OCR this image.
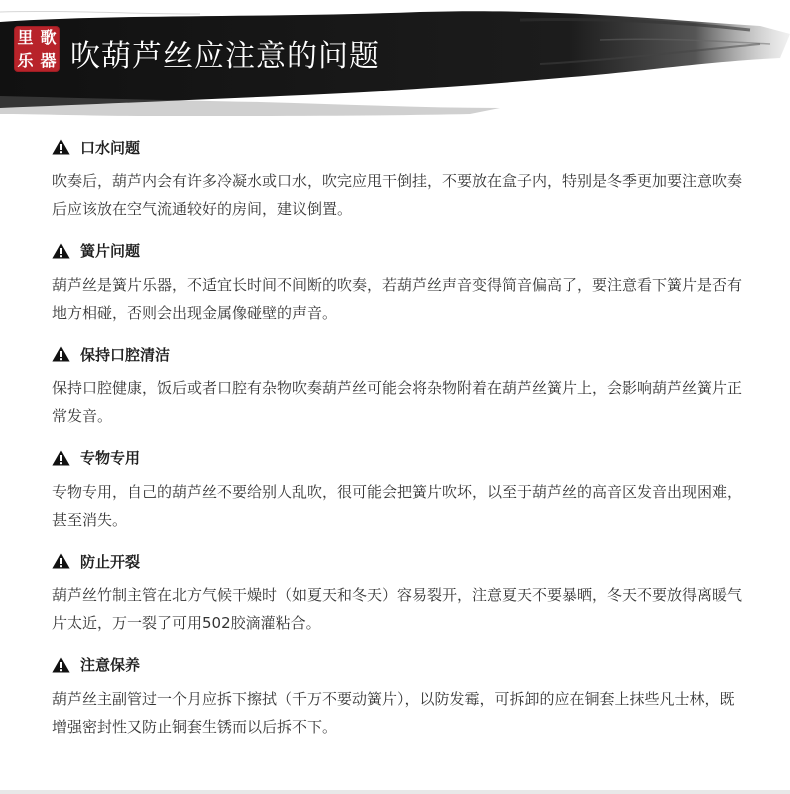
里 歌
乐 器 吹葫芦丝应注意的问题
口水问题
吹奏后，葫芦内会有许多冷凝水或口水，吹完应甩干倒挂，不要放在盒子内，特别是冬季更加要注意吹奏后应该放在空气流通较好的房间，建议倒置。
簧片问题
葫芦丝是簧片乐器，不适宜长时间不间断的吹奏，若葫芦丝声音变得简音偏高了，要注意看下簧片是否有地方相碰，否则会出现金属像碰壁的声音。
保持口腔清洁
保持口腔健康，饭后或者口腔有杂物吹奏葫芦丝可能会将杂物附着在葫芦丝簧片上，会影响葫芦丝簧片正常发音。
专物专用
专物专用，自己的葫芦丝不要给别人乱吹，很可能会把簧片吹坏，以至于葫芦丝的高音区发音出现困难，甚至消失。
防止开裂
葫芦丝竹制主管在北方气候干燥时（如夏天和冬天）容易裂开，注意夏天不要暴晒，冬天不要放得离暖气片太近，万一裂了可用502胶滴灌粘合。
注意保养
葫芦丝主副管过一个月应拆下擦拭（千万不要动簧片），以防发霉，可拆卸的应在铜套上抹些凡士林，既增强密封性又防止铜套生锈而以后拆不下。
